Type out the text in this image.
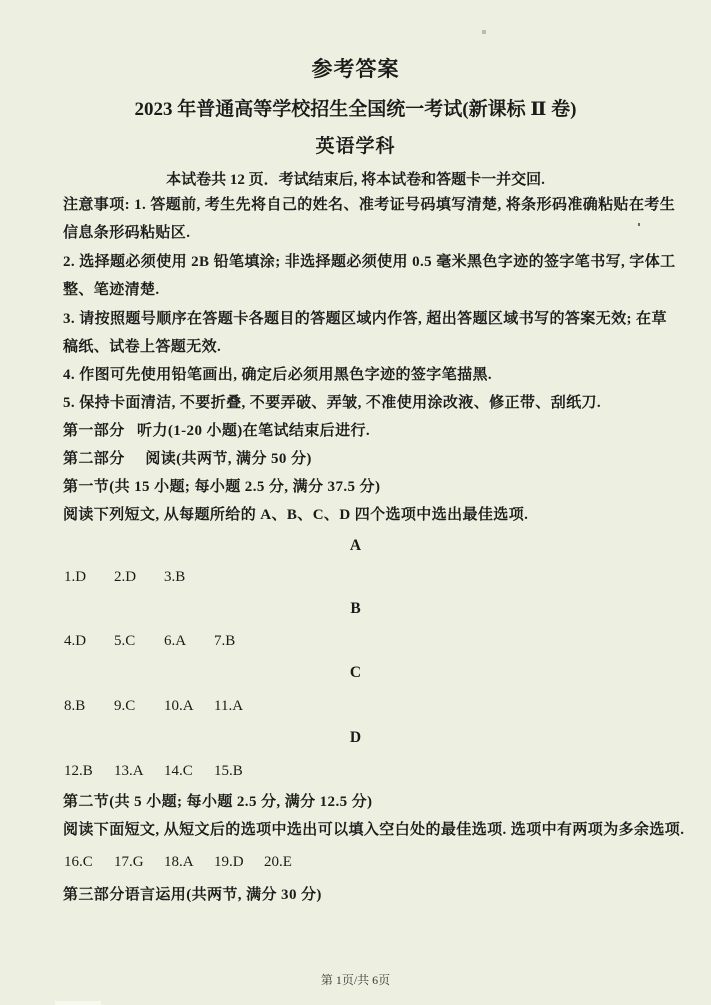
参考答案
2023 年普通高等学校招生全国统一考试(新课标 Ⅱ 卷)
英语学科
本试卷共 12 页．考试结束后, 将本试卷和答题卡一并交回.
注意事项: 1. 答题前, 考生先将自己的姓名、准考证号码填写清楚, 将条形码准确粘贴在考生
信息条形码粘贴区.
2. 选择题必须使用 2B 铅笔填涂; 非选择题必须使用 0.5 毫米黑色字迹的签字笔书写, 字体工
整、笔迹清楚.
3. 请按照题号顺序在答题卡各题目的答题区域内作答, 超出答题区域书写的答案无效; 在草
稿纸、试卷上答题无效.
4. 作图可先使用铅笔画出, 确定后必须用黑色字迹的签字笔描黑.
5. 保持卡面清洁, 不要折叠, 不要弄破、弄皱, 不准使用涂改液、修正带、刮纸刀.
第一部分   听力(1-20 小题)在笔试结束后进行.
第二部分     阅读(共两节, 满分 50 分)
第一节(共 15 小题; 每小题 2.5 分, 满分 37.5 分)
阅读下列短文, 从每题所给的 A、B、C、D 四个选项中选出最佳选项.
A
1.D 2.D 3.B
B
4.D 5.C 6.A 7.B
C
8.B 9.C 10.A 11.A
D
12.B 13.A 14.C 15.B
第二节(共 5 小题; 每小题 2.5 分, 满分 12.5 分)
阅读下面短文, 从短文后的选项中选出可以填入空白处的最佳选项. 选项中有两项为多余选项.
16.C 17.G 18.A 19.D 20.E
第三部分语言运用(共两节, 满分 30 分)
第 1页/共 6页
